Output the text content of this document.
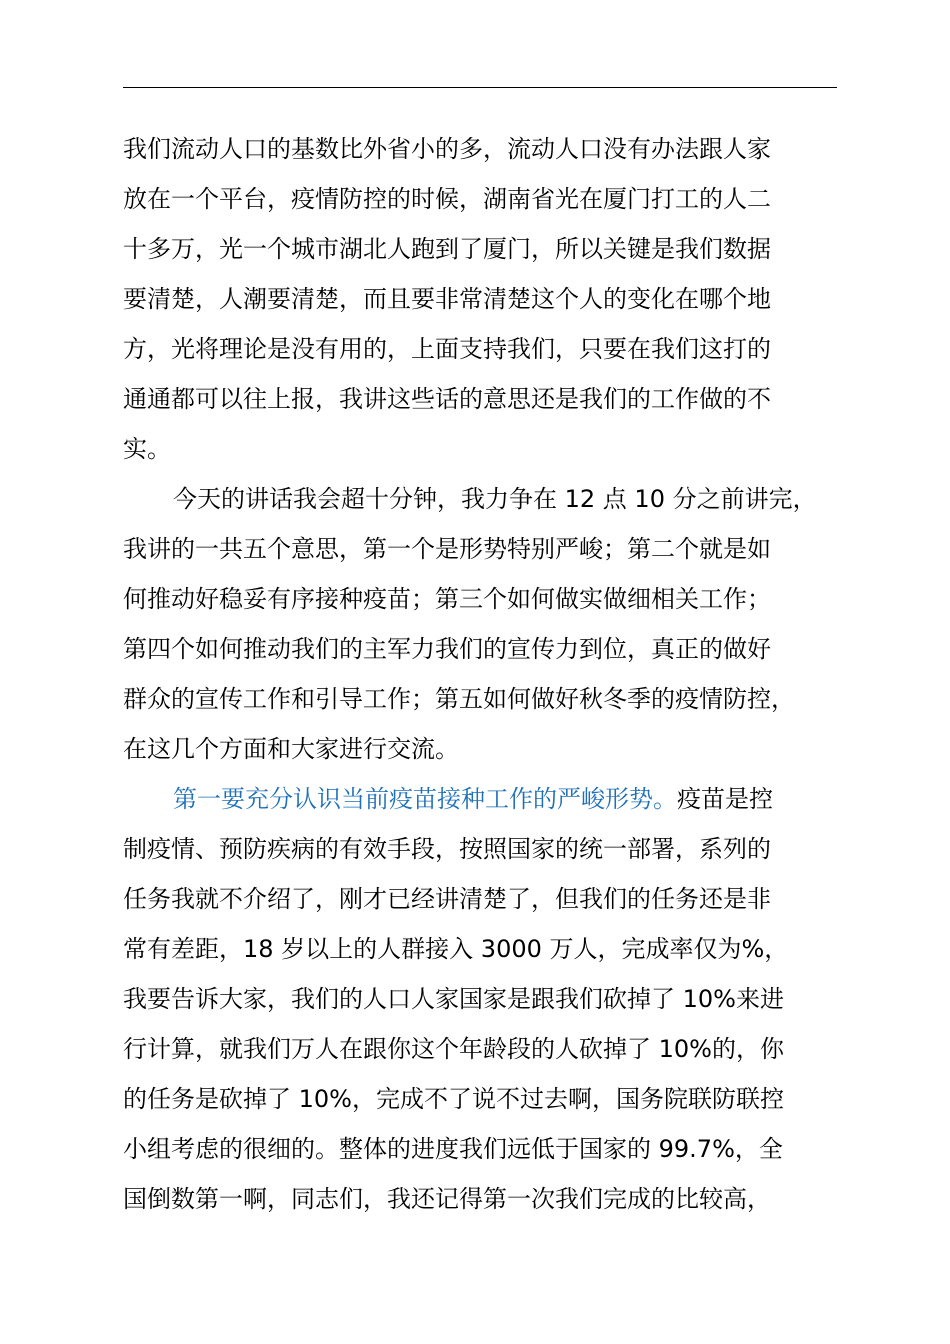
我们流动人口的基数比外省小的多，流动人口没有办法跟人家
放在一个平台，疫情防控的时候，湖南省光在厦门打工的人二
十多万，光一个城市湖北人跑到了厦门，所以关键是我们数据
要清楚，人潮要清楚，而且要非常清楚这个人的变化在哪个地
方，光将理论是没有用的，上面支持我们，只要在我们这打的
通通都可以往上报，我讲这些话的意思还是我们的工作做的不
实。
今天的讲话我会超十分钟，我力争在 12 点 10 分之前讲完，
我讲的一共五个意思，第一个是形势特别严峻；第二个就是如
何推动好稳妥有序接种疫苗；第三个如何做实做细相关工作；
第四个如何推动我们的主军力我们的宣传力到位，真正的做好
群众的宣传工作和引导工作；第五如何做好秋冬季的疫情防控，
在这几个方面和大家进行交流。
第一要充分认识当前疫苗接种工作的严峻形势。疫苗是控
制疫情、预防疾病的有效手段，按照国家的统一部署，系列的
任务我就不介绍了，刚才已经讲清楚了，但我们的任务还是非
常有差距，18 岁以上的人群接入 3000 万人，完成率仅为%，
我要告诉大家，我们的人口人家国家是跟我们砍掉了 10%来进
行计算，就我们万人在跟你这个年龄段的人砍掉了 10%的，你
的任务是砍掉了 10%，完成不了说不过去啊，国务院联防联控
小组考虑的很细的。整体的进度我们远低于国家的 99.7%，全
国倒数第一啊，同志们，我还记得第一次我们完成的比较高，
